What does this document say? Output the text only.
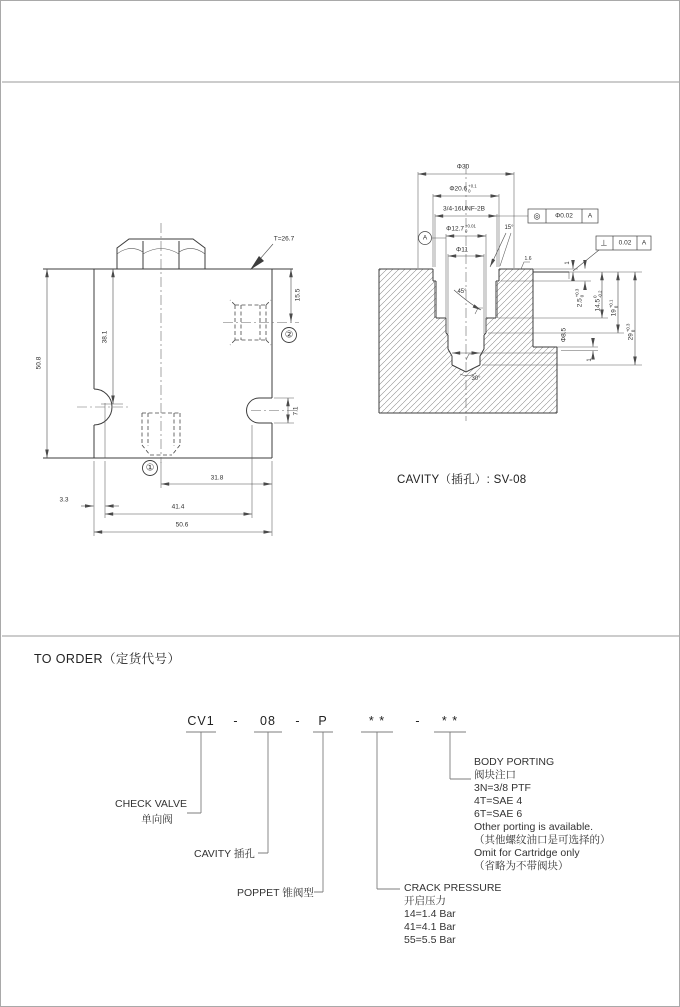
T=26.7
50.8
38.1
15.5
7.1
31.8
3.3
41.4
50.6
①
②
Φ30
Φ20.6 +0.1
0
3/4-16UNF-2B
Φ12.7 +0.01
0
Φ11
15°
45°
30°
Φ8.5
2.5
+0.3 0
14.5
0 -0.2
19
+0.1 0
29
+0.3 0
1
1
1.6
◎ Φ0.02 A
⊥ 0.02 A
A
CAVITY（插孔）: SV-08
TO ORDER（定货代号）
CV1 - 08 - P	* * - * *
CHECK VALVE
单向阀
CAVITY 插孔
POPPET 锥阀型	CRACK PRESSURE
开启压力
14=1.4 Bar
41=4.1 Bar
55=5.5 Bar
BODY PORTING
阀块注口
3N=3/8 PTF
4T=SAE 4
6T=SAE 6
Other porting is available.
（其他螺纹油口是可选择的）
Omit for Cartridge only
（省略为不带阀块）
